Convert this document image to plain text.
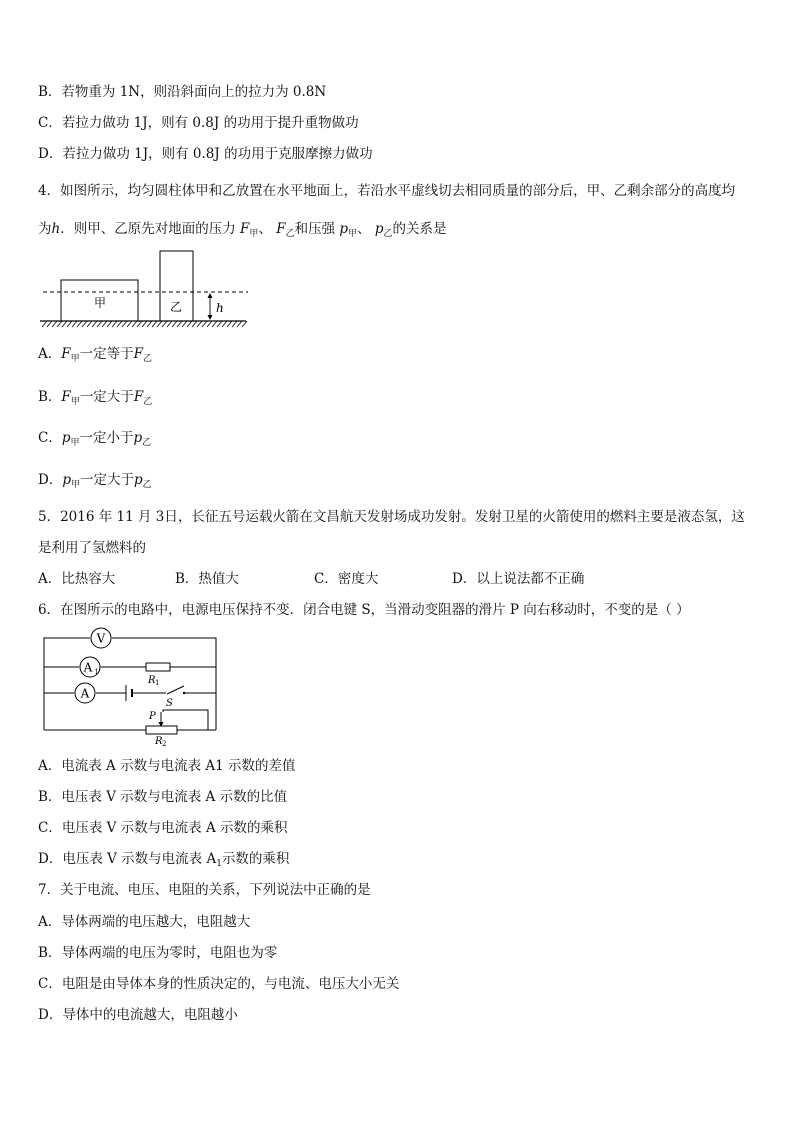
B．若物重为 1N，则沿斜面向上的拉力为 0.8N
C．若拉力做功 1J，则有 0.8J 的功用于提升重物做功
D．若拉力做功 1J，则有 0.8J 的功用于克服摩擦力做功
4．如图所示，均匀圆柱体甲和乙放置在水平地面上，若沿水平虚线切去相同质量的部分后，甲、乙剩余部分的高度均
为h．则甲、乙原先对地面的压力 $F_甲$、 $F_乙$和压强 $p_甲$、 $p_乙$的关系是
甲	乙	h
A．$F_甲$一定等于$F_乙$
B．$F_甲$一定大于$F_乙$
C．$p_甲$一定小于$p_乙$
D．$p_甲$一定大于$p_乙$
5．2016 年 11 月 3日，长征五号运载火箭在文昌航天发射场成功发射。发射卫星的火箭使用的燃料主要是液态氢，这
是利用了氢燃料的
A．比热容大	B．热值大	C．密度大	D．以上说法都不正确
6．在图所示的电路中，电源电压保持不变．闭合电键 S，当滑动变阻器的滑片 P 向右移动时，不变的是（ ）
V
A 1
R 1
A
S
P
R 2
A．电流表 A 示数与电流表 A1 示数的差值
B．电压表 V 示数与电流表 A 示数的比值
C．电压表 V 示数与电流表 A 示数的乘积
D．电压表 V 示数与电流表 $A_1$示数的乘积
7．关于电流、电压、电阻的关系，下列说法中正确的是
A．导体两端的电压越大，电阻越大
B．导体两端的电压为零时，电阻也为零
C．电阻是由导体本身的性质决定的，与电流、电压大小无关
D．导体中的电流越大，电阻越小
